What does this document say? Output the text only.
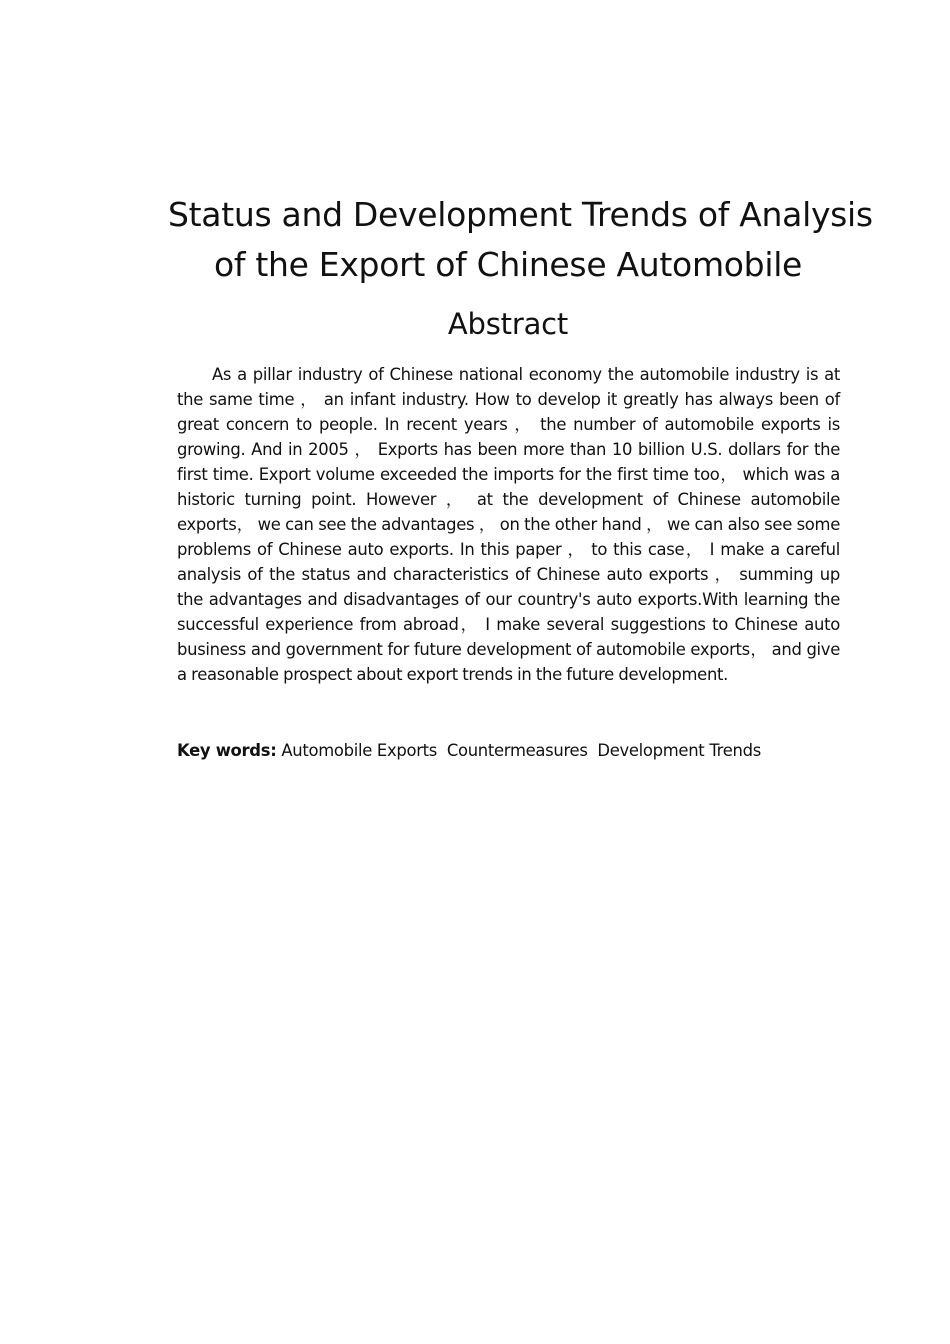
Status and Development Trends of Analysis
of the Export of Chinese Automobile
Abstract

As a pillar industry of Chinese national economy the automobile industry is at the same time ， an infant industry. How to develop it greatly has always been of great concern to people. In recent years ， the number of automobile exports is growing. And in 2005 ， Exports has been more than 10 billion U.S. dollars for the first time. Export volume exceeded the imports for the first time too， which was a historic turning point. However ， at the development of Chinese automobile exports， we can see the advantages ， on the other hand ， we can also see some problems of Chinese auto exports. In this paper ， to this case， I make a careful analysis of the status and characteristics of Chinese auto exports ， summing up the advantages and disadvantages of our country's auto exports.With learning the successful experience from abroad， I make several suggestions to Chinese auto business and government for future development of automobile exports， and give a reasonable prospect about export trends in the future development.

Key words: Automobile Exports  Countermeasures  Development Trends
